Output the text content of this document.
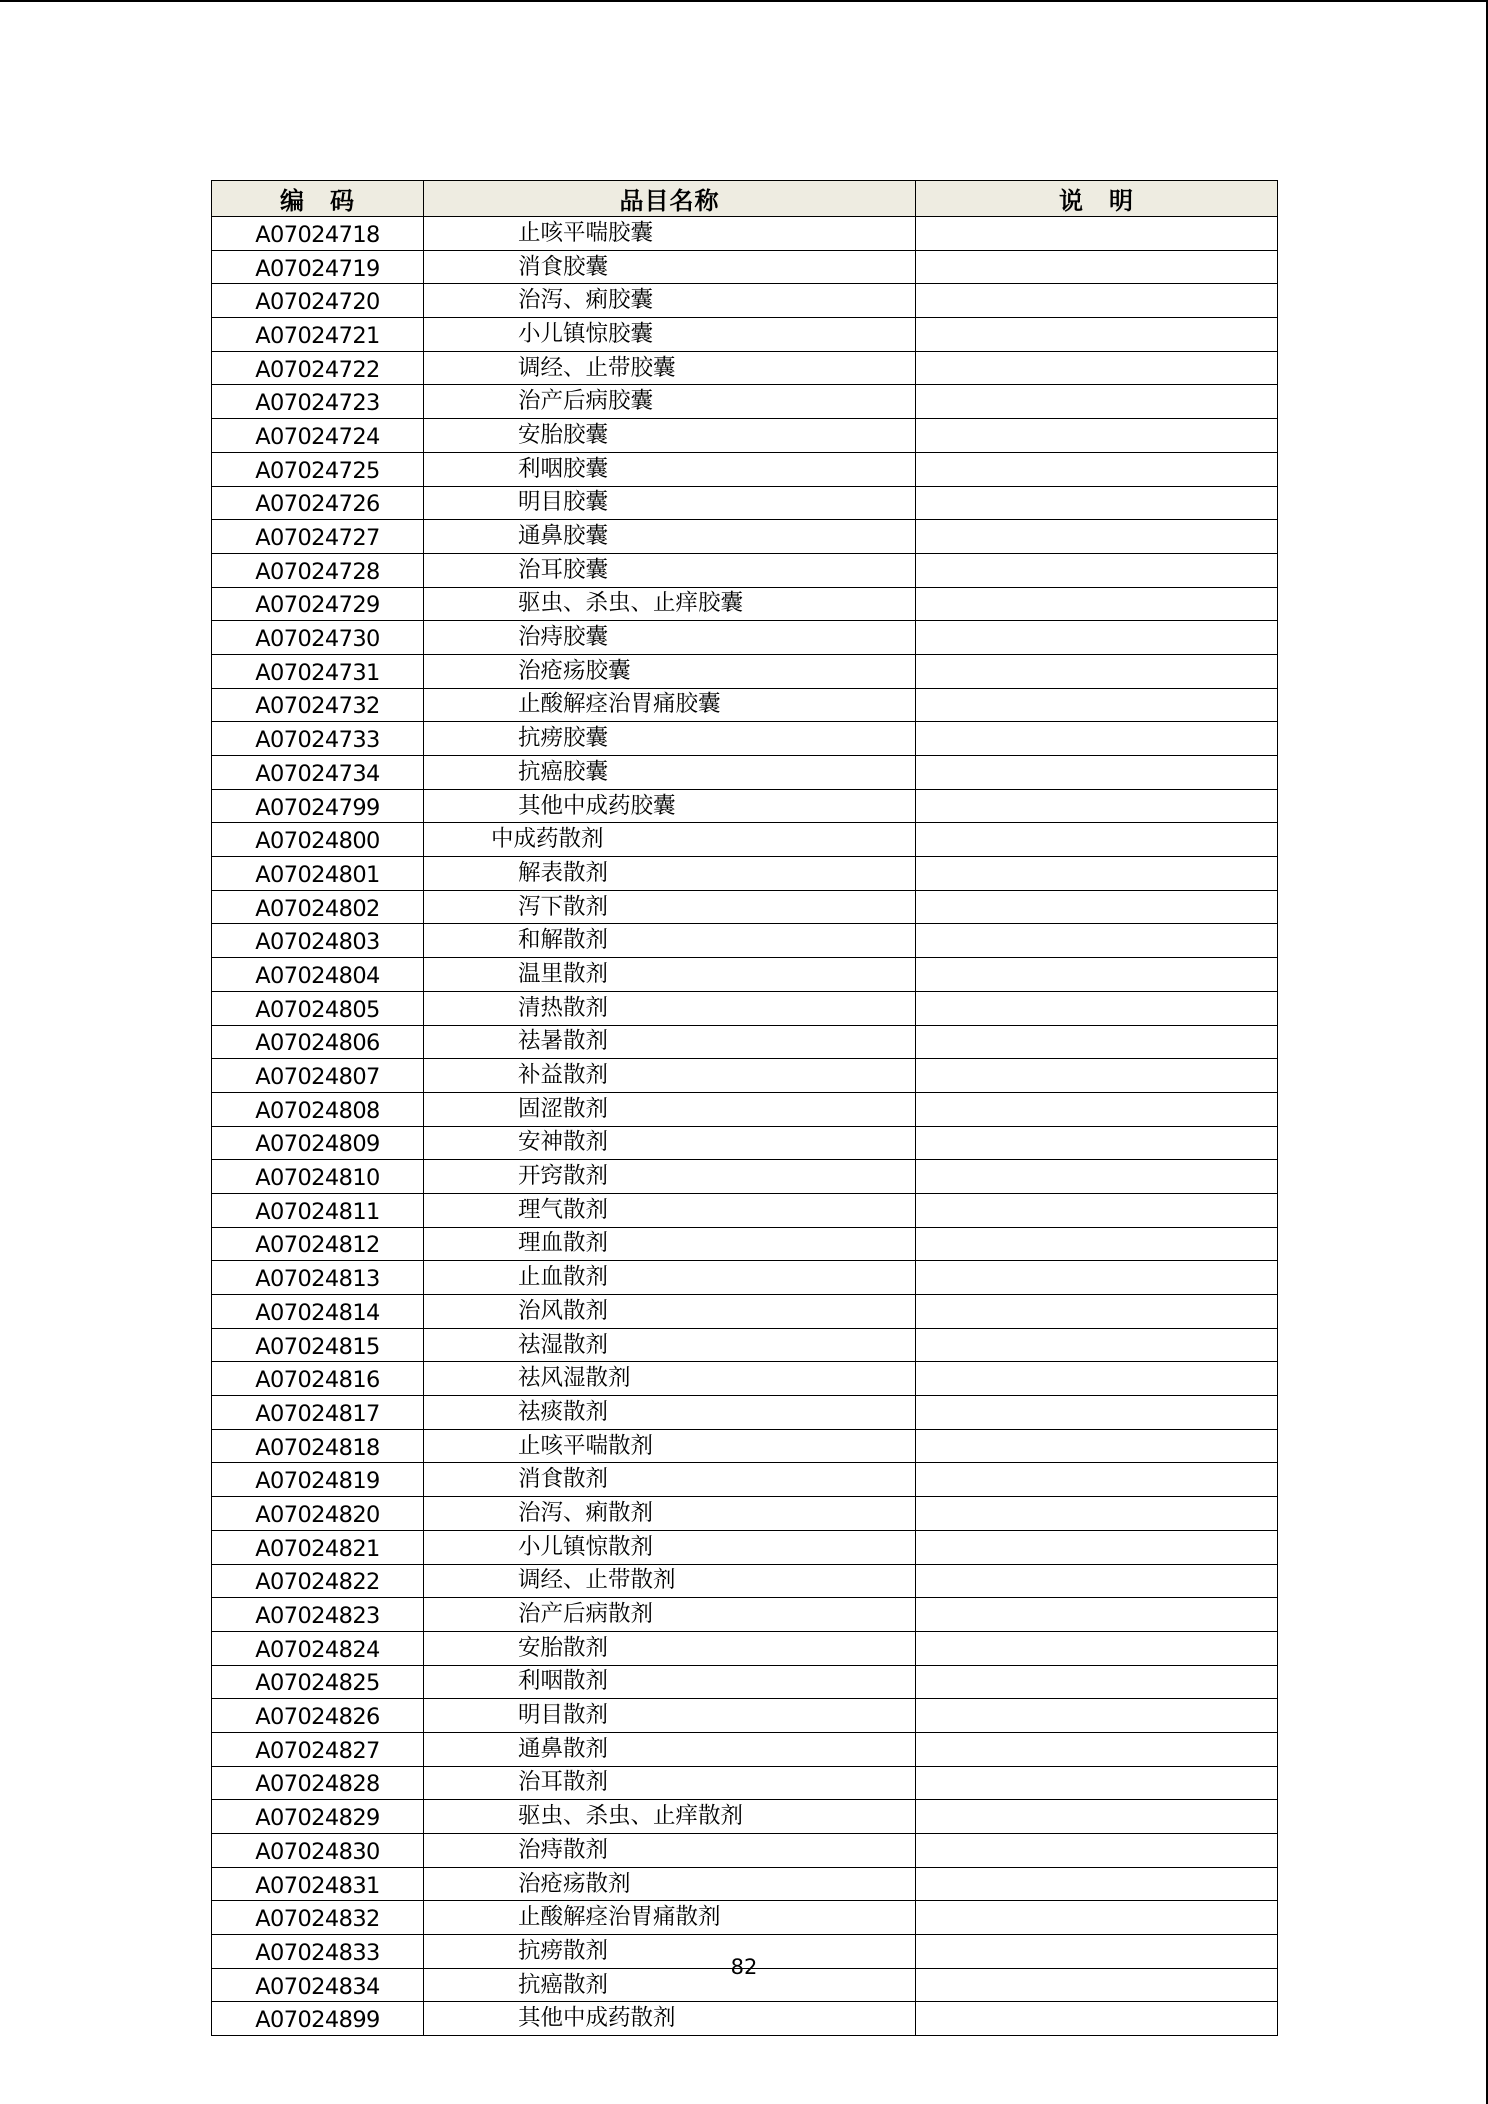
编　码	品目名称	说　明
A07024718	止咳平喘胶囊	
A07024719	消食胶囊	
A07024720	治泻、痢胶囊	
A07024721	小儿镇惊胶囊	
A07024722	调经、止带胶囊	
A07024723	治产后病胶囊	
A07024724	安胎胶囊	
A07024725	利咽胶囊	
A07024726	明目胶囊	
A07024727	通鼻胶囊	
A07024728	治耳胶囊	
A07024729	驱虫、杀虫、止痒胶囊	
A07024730	治痔胶囊	
A07024731	治疮疡胶囊	
A07024732	止酸解痉治胃痛胶囊	
A07024733	抗痨胶囊	
A07024734	抗癌胶囊	
A07024799	其他中成药胶囊	
A07024800	中成药散剂	
A07024801	解表散剂	
A07024802	泻下散剂	
A07024803	和解散剂	
A07024804	温里散剂	
A07024805	清热散剂	
A07024806	祛暑散剂	
A07024807	补益散剂	
A07024808	固涩散剂	
A07024809	安神散剂	
A07024810	开窍散剂	
A07024811	理气散剂	
A07024812	理血散剂	
A07024813	止血散剂	
A07024814	治风散剂	
A07024815	祛湿散剂	
A07024816	祛风湿散剂	
A07024817	祛痰散剂	
A07024818	止咳平喘散剂	
A07024819	消食散剂	
A07024820	治泻、痢散剂	
A07024821	小儿镇惊散剂	
A07024822	调经、止带散剂	
A07024823	治产后病散剂	
A07024824	安胎散剂	
A07024825	利咽散剂	
A07024826	明目散剂	
A07024827	通鼻散剂	
A07024828	治耳散剂	
A07024829	驱虫、杀虫、止痒散剂	
A07024830	治痔散剂	
A07024831	治疮疡散剂	
A07024832	止酸解痉治胃痛散剂	
A07024833	抗痨散剂	
A07024834	抗癌散剂	
A07024899	其他中成药散剂	
82
